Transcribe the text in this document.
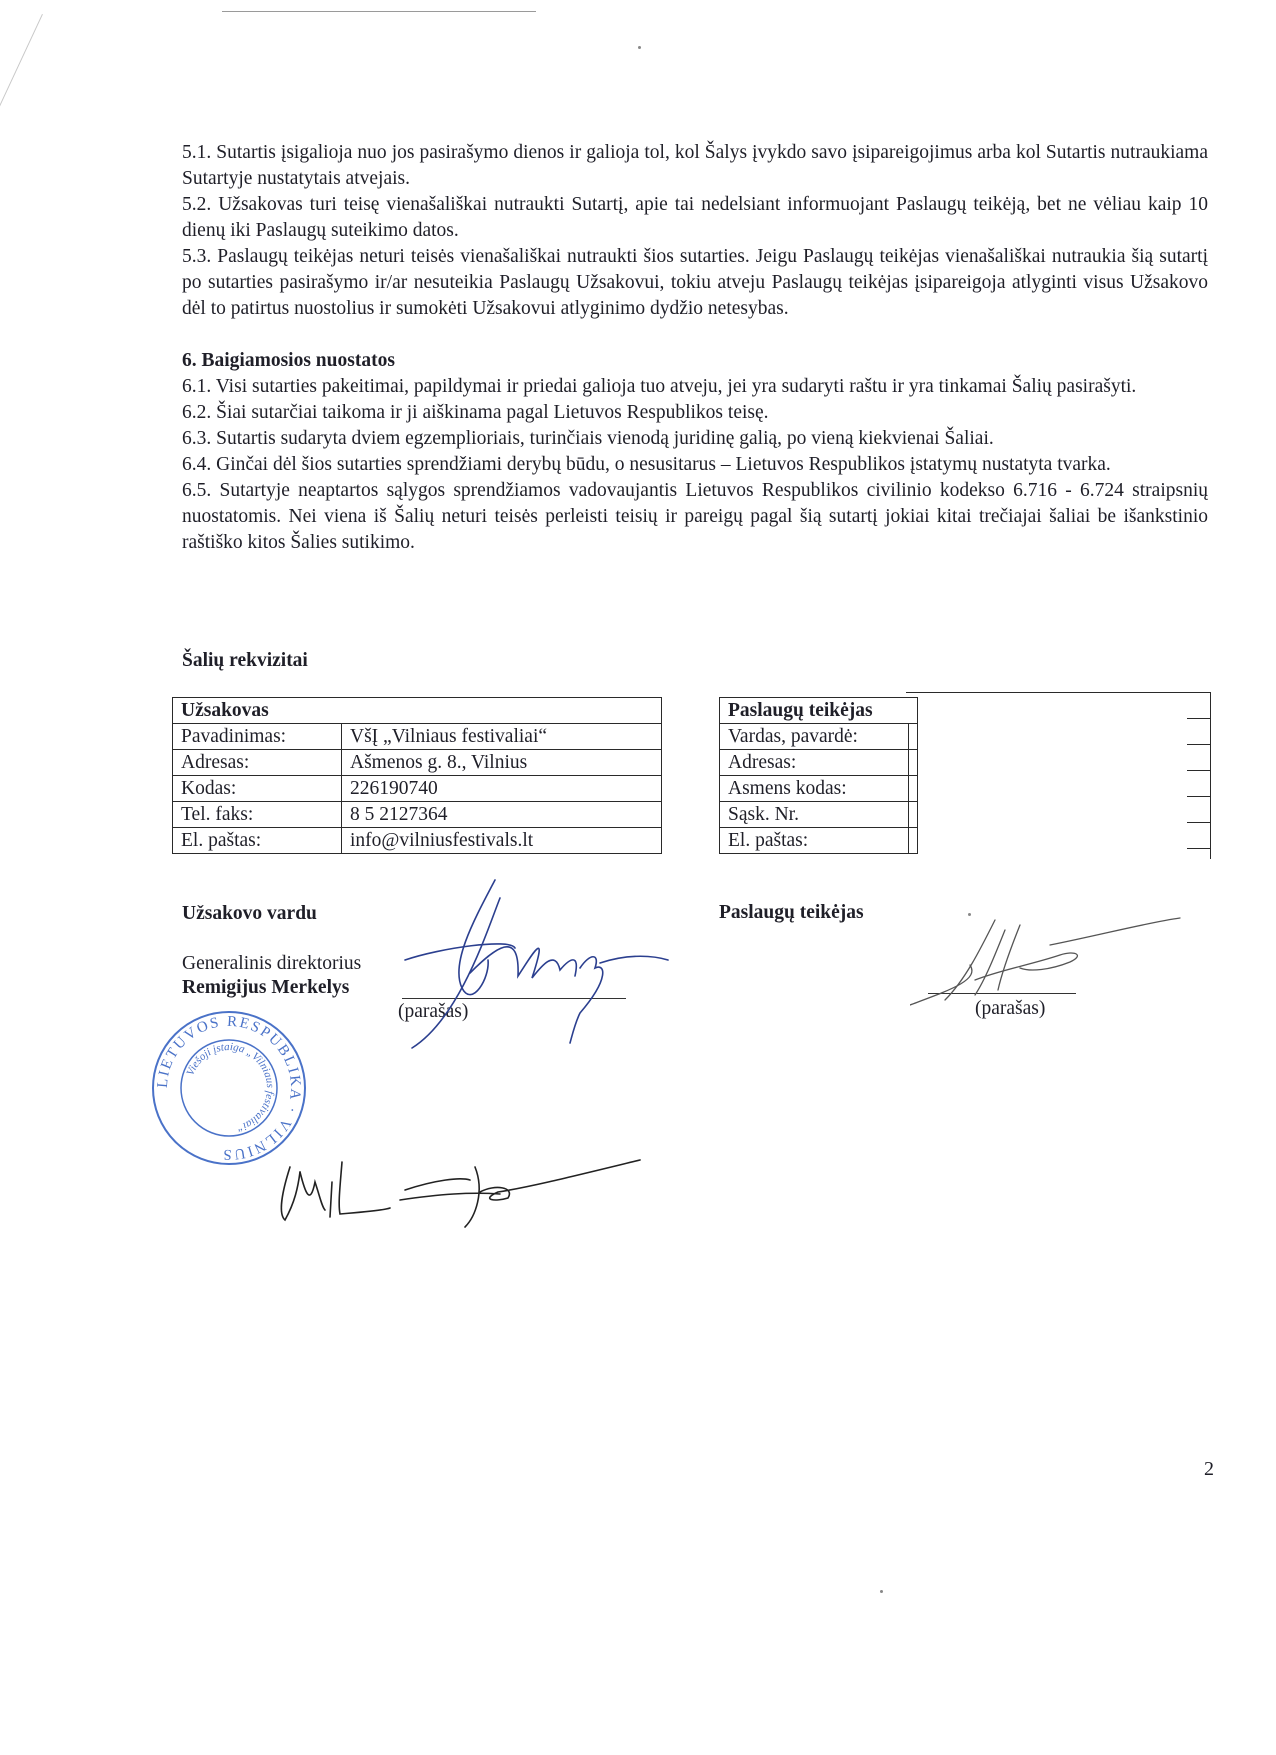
5.1. Sutartis įsigalioja nuo jos pasirašymo dienos ir galioja tol, kol Šalys įvykdo savo įsipareigojimus arba kol Sutartis nutraukiama Sutartyje nustatytais atvejais.

5.2. Užsakovas turi teisę vienašališkai nutraukti Sutartį, apie tai nedelsiant informuojant Paslaugų teikėją, bet ne vėliau kaip 10 dienų iki Paslaugų suteikimo datos.

5.3. Paslaugų teikėjas neturi teisės vienašališkai nutraukti šios sutarties. Jeigu Paslaugų teikėjas vienašališkai nutraukia šią sutartį po sutarties pasirašymo ir/ar nesuteikia Paslaugų Užsakovui, tokiu atveju Paslaugų teikėjas įsipareigoja atlyginti visus Užsakovo dėl to patirtus nuostolius ir sumokėti Užsakovui atlyginimo dydžio netesybas.

6. Baigiamosios nuostatos

6.1. Visi sutarties pakeitimai, papildymai ir priedai galioja tuo atveju, jei yra sudaryti raštu ir yra tinkamai Šalių pasirašyti.

6.2. Šiai sutarčiai taikoma ir ji aiškinama pagal Lietuvos Respublikos teisę.

6.3. Sutartis sudaryta dviem egzemplioriais, turinčiais vienodą juridinę galią, po vieną kiekvienai Šaliai.

6.4. Ginčai dėl šios sutarties sprendžiami derybų būdu, o nesusitarus – Lietuvos Respublikos įstatymų nustatyta tvarka.

6.5. Sutartyje neaptartos sąlygos sprendžiamos vadovaujantis Lietuvos Respublikos civilinio kodekso 6.716 - 6.724 straipsnių nuostatomis. Nei viena iš Šalių neturi teisės perleisti teisių ir pareigų pagal šią sutartį jokiai kitai trečiajai šaliai be išankstinio raštiško kitos Šalies sutikimo.

Šalių rekvizitai
Užsakovas	
Pavadinimas:	VšĮ „Vilniaus festivaliai“
Adresas:	Ašmenos g. 8., Vilnius
Kodas:	226190740
Tel. faks:	8 5 2127364
El. paštas:	info@vilniusfestivals.lt
Paslaugų teikėjas	
Vardas, pavardė:	
Adresas:	
Asmens kodas:	
Sąsk. Nr.	
El. paštas:	
Užsakovo vardu
Generalinis direktorius
Remigijus Merkelys
(parašas)
Paslaugų teikėjas
(parašas)
LIETUVOS RESPUBLIKA · VILNIUS
Viešoji įstaiga „Vilniaus festivaliai“
2
